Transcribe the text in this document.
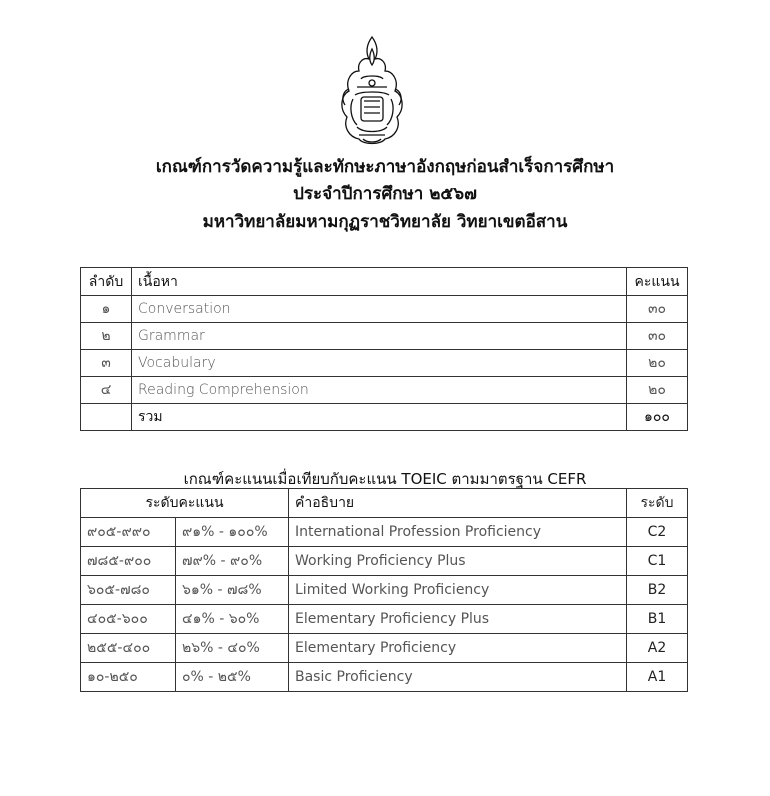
เกณฑ์การวัดความรู้และทักษะภาษาอังกฤษก่อนสำเร็จการศึกษา
ประจำปีการศึกษา ๒๕๖๗
มหาวิทยาลัยมหามกุฏราชวิทยาลัย วิทยาเขตอีสาน
ลำดับ	เนื้อหา	คะแนน
๑	Conversation	๓๐
๒	Grammar	๓๐
๓	Vocabulary	๒๐
๔	Reading Comprehension	๒๐
	รวม	๑๐๐

เกณฑ์คะแนนเมื่อเทียบกับคะแนน TOEIC ตามมาตรฐาน CEFR

ระดับคะแนน		คำอธิบาย	ระดับ
๙๐๕-๙๙๐	๙๑% - ๑๐๐%	International Profession Proficiency	C2
๗๘๕-๙๐๐	๗๙% - ๙๐%	Working Proficiency Plus	C1
๖๐๕-๗๘๐	๖๑% - ๗๘%	Limited Working Proficiency	B2
๔๐๕-๖๐๐	๔๑% - ๖๐%	Elementary Proficiency Plus	B1
๒๕๕-๔๐๐	๒๖% - ๔๐%	Elementary Proficiency	A2
๑๐-๒๕๐	๐% - ๒๕%	Basic Proficiency	A1
